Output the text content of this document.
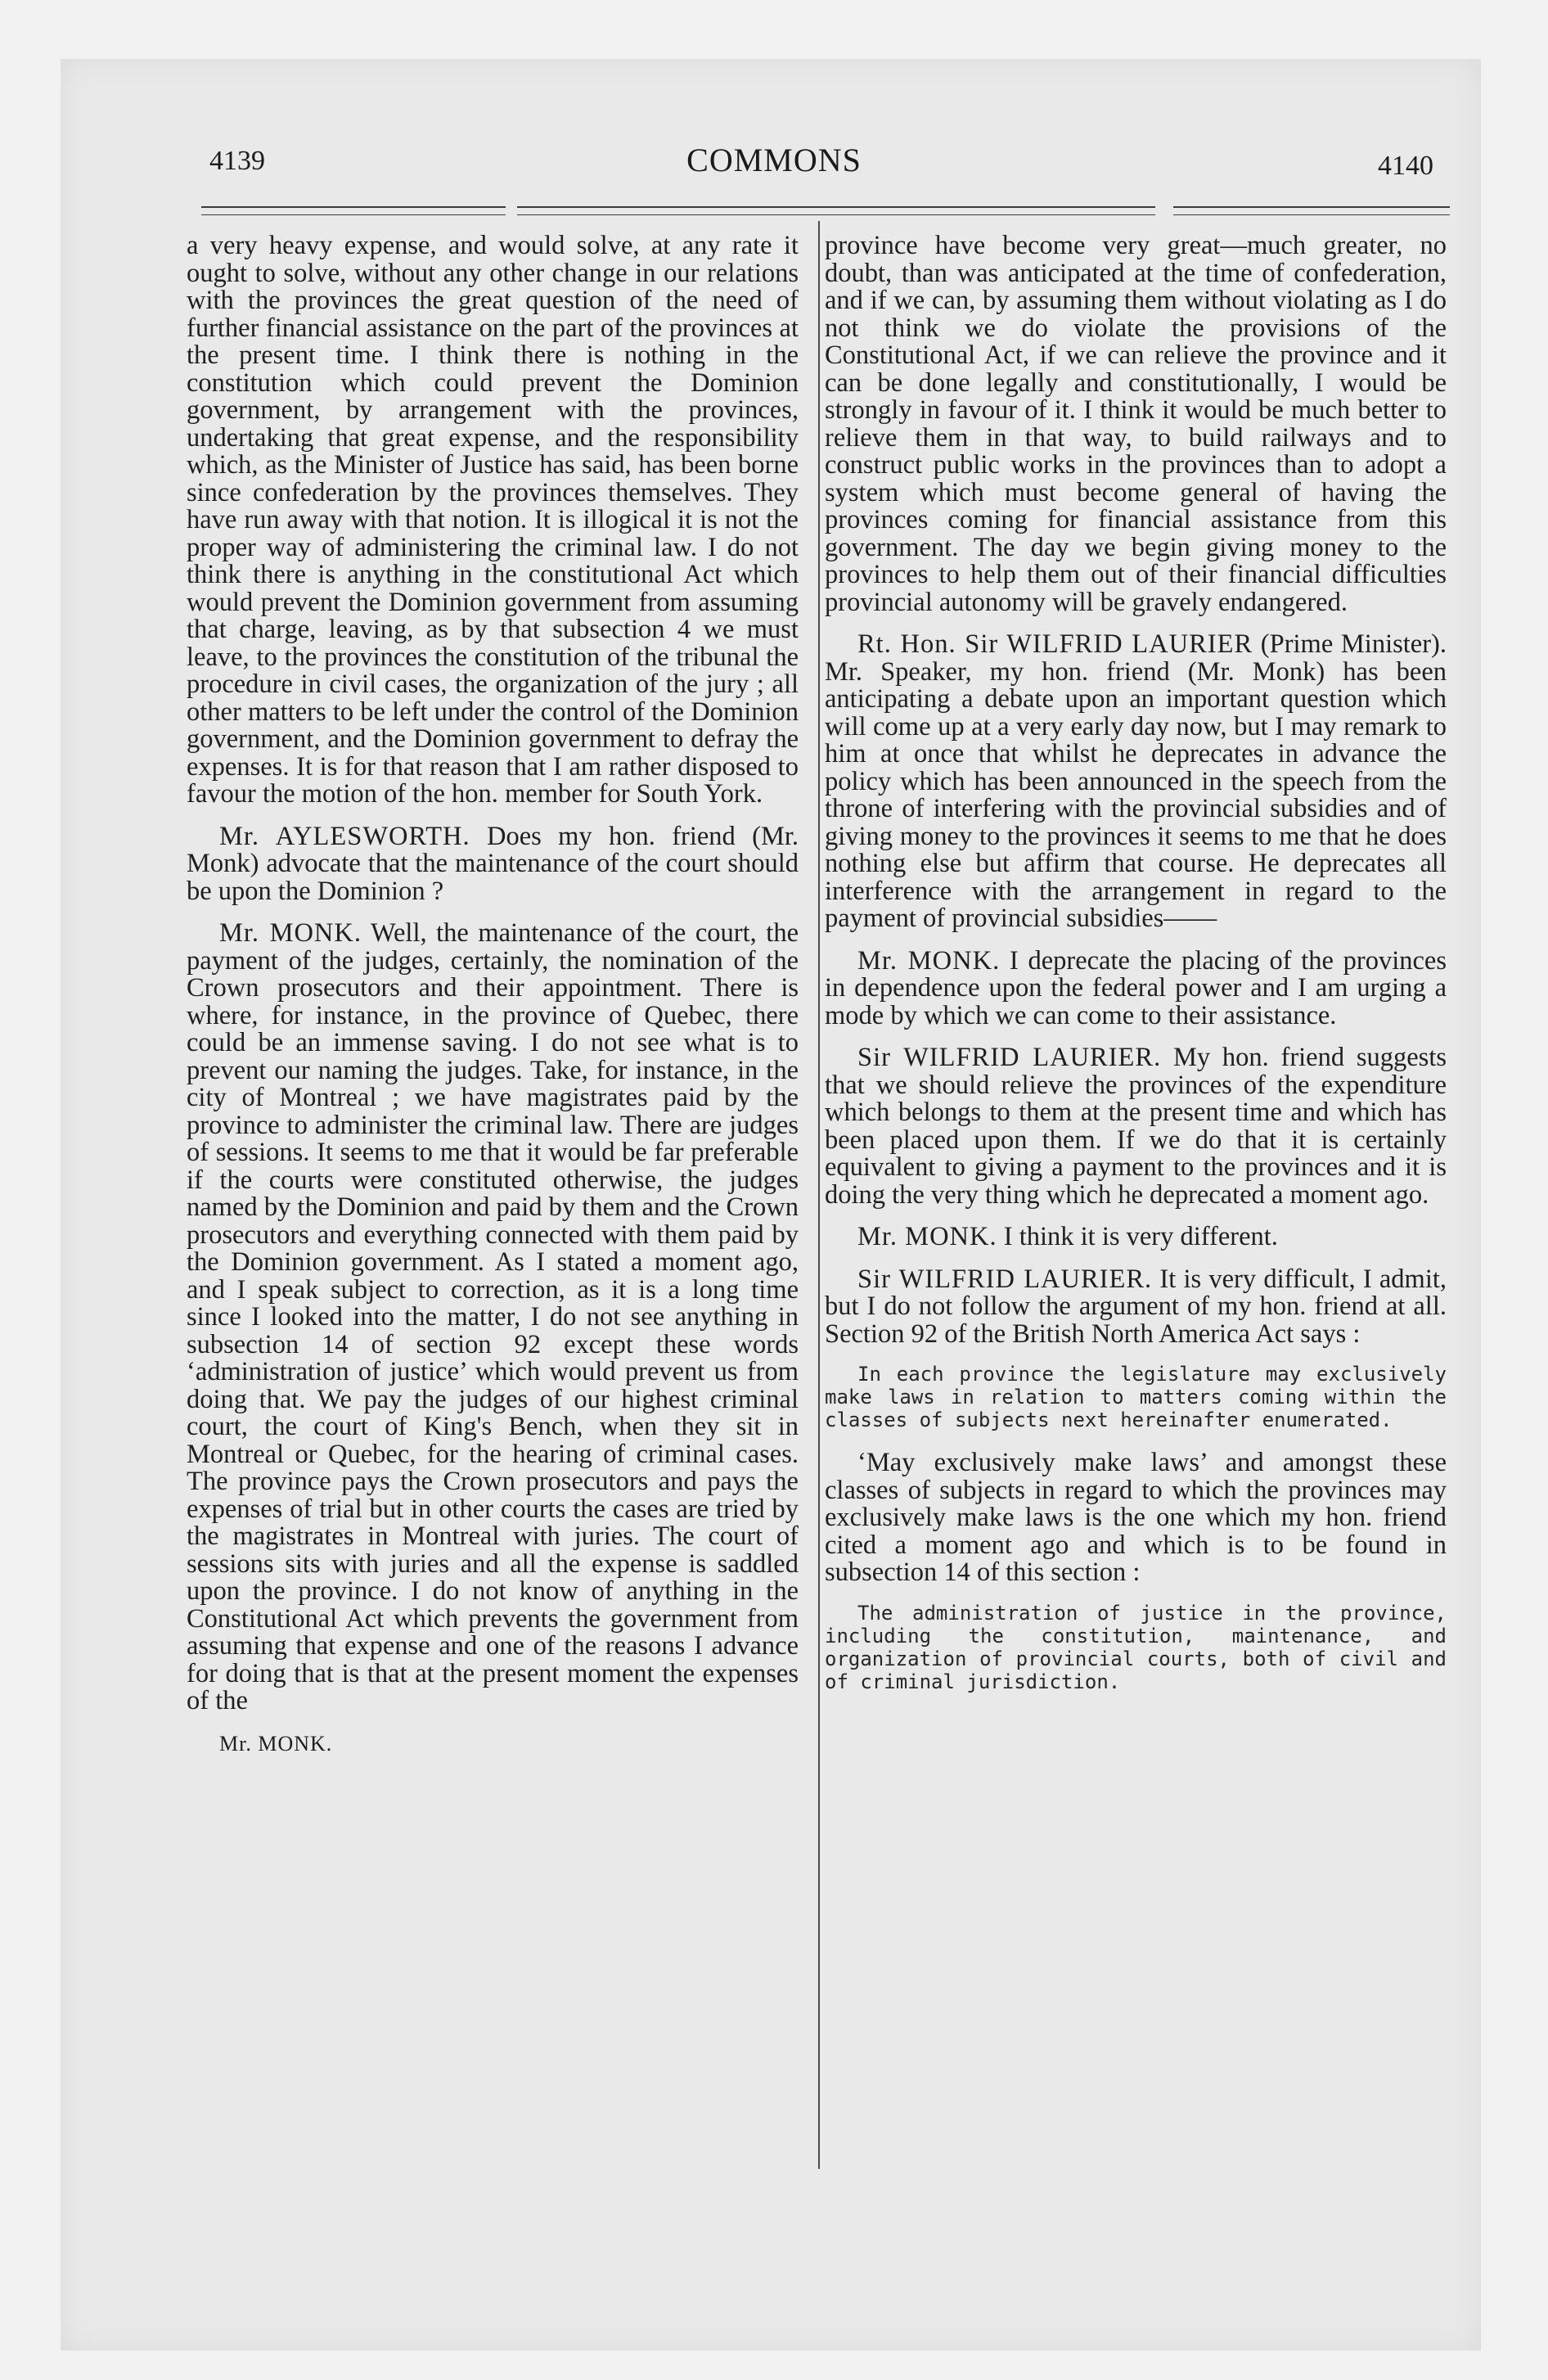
4139	COMMONS	4140

a very heavy expense, and would solve, at any rate it ought to solve, without any other change in our relations with the provinces the great question of the need of further financial assistance on the part of the provinces at the present time. I think there is nothing in the constitution which could prevent the Dominion government, by arrangement with the provinces, undertaking that great expense, and the responsibility which, as the Minister of Justice has said, has been borne since confederation by the provinces themselves. They have run away with that notion. It is illogical it is not the proper way of administering the criminal law. I do not think there is anything in the constitutional Act which would prevent the Dominion government from assuming that charge, leaving, as by that subsection 4 we must leave, to the provinces the constitution of the tribunal the procedure in civil cases, the organization of the jury ; all other matters to be left under the control of the Dominion government, and the Dominion government to defray the expenses. It is for that reason that I am rather disposed to favour the motion of the hon. member for South York.

Mr. AYLESWORTH. Does my hon. friend (Mr. Monk) advocate that the maintenance of the court should be upon the Dominion ?

Mr. MONK. Well, the maintenance of the court, the payment of the judges, certainly, the nomination of the Crown prosecutors and their appointment. There is where, for instance, in the province of Quebec, there could be an immense saving. I do not see what is to prevent our naming the judges. Take, for instance, in the city of Montreal ; we have magistrates paid by the province to administer the criminal law. There are judges of sessions. It seems to me that it would be far preferable if the courts were constituted otherwise, the judges named by the Dominion and paid by them and the Crown prosecutors and everything connected with them paid by the Dominion government. As I stated a moment ago, and I speak subject to correction, as it is a long time since I looked into the matter, I do not see anything in subsection 14 of section 92 except these words ‘administration of justice’ which would prevent us from doing that. We pay the judges of our highest criminal court, the court of King's Bench, when they sit in Montreal or Quebec, for the hearing of criminal cases. The province pays the Crown prosecutors and pays the expenses of trial but in other courts the cases are tried by the magistrates in Montreal with juries. The court of sessions sits with juries and all the expense is saddled upon the province. I do not know of anything in the Constitutional Act which prevents the government from assuming that expense and one of the reasons I advance for doing that is that at the present moment the expenses of the

Mr. MONK.

province have become very great—much greater, no doubt, than was anticipated at the time of confederation, and if we can, by assuming them without violating as I do not think we do violate the provisions of the Constitutional Act, if we can relieve the province and it can be done legally and constitutionally, I would be strongly in favour of it. I think it would be much better to relieve them in that way, to build railways and to construct public works in the provinces than to adopt a system which must become general of having the provinces coming for financial assistance from this government. The day we begin giving money to the provinces to help them out of their financial difficulties provincial autonomy will be gravely endangered.

Rt. Hon. Sir WILFRID LAURIER (Prime Minister). Mr. Speaker, my hon. friend (Mr. Monk) has been anticipating a debate upon an important question which will come up at a very early day now, but I may remark to him at once that whilst he deprecates in advance the policy which has been announced in the speech from the throne of interfering with the provincial subsidies and of giving money to the provinces it seems to me that he does nothing else but affirm that course. He deprecates all interference with the arrangement in regard to the payment of provincial subsidies——

Mr. MONK. I deprecate the placing of the provinces in dependence upon the federal power and I am urging a mode by which we can come to their assistance.

Sir WILFRID LAURIER. My hon. friend suggests that we should relieve the provinces of the expenditure which belongs to them at the present time and which has been placed upon them. If we do that it is certainly equivalent to giving a payment to the provinces and it is doing the very thing which he deprecated a moment ago.

Mr. MONK. I think it is very different.

Sir WILFRID LAURIER. It is very difficult, I admit, but I do not follow the argument of my hon. friend at all. Section 92 of the British North America Act says :

In each province the legislature may exclusively make laws in relation to matters coming within the classes of subjects next hereinafter enumerated.

‘May exclusively make laws’ and amongst these classes of subjects in regard to which the provinces may exclusively make laws is the one which my hon. friend cited a moment ago and which is to be found in subsection 14 of this section :

The administration of justice in the province, including the constitution, maintenance, and organization of provincial courts, both of civil and of criminal jurisdiction.
